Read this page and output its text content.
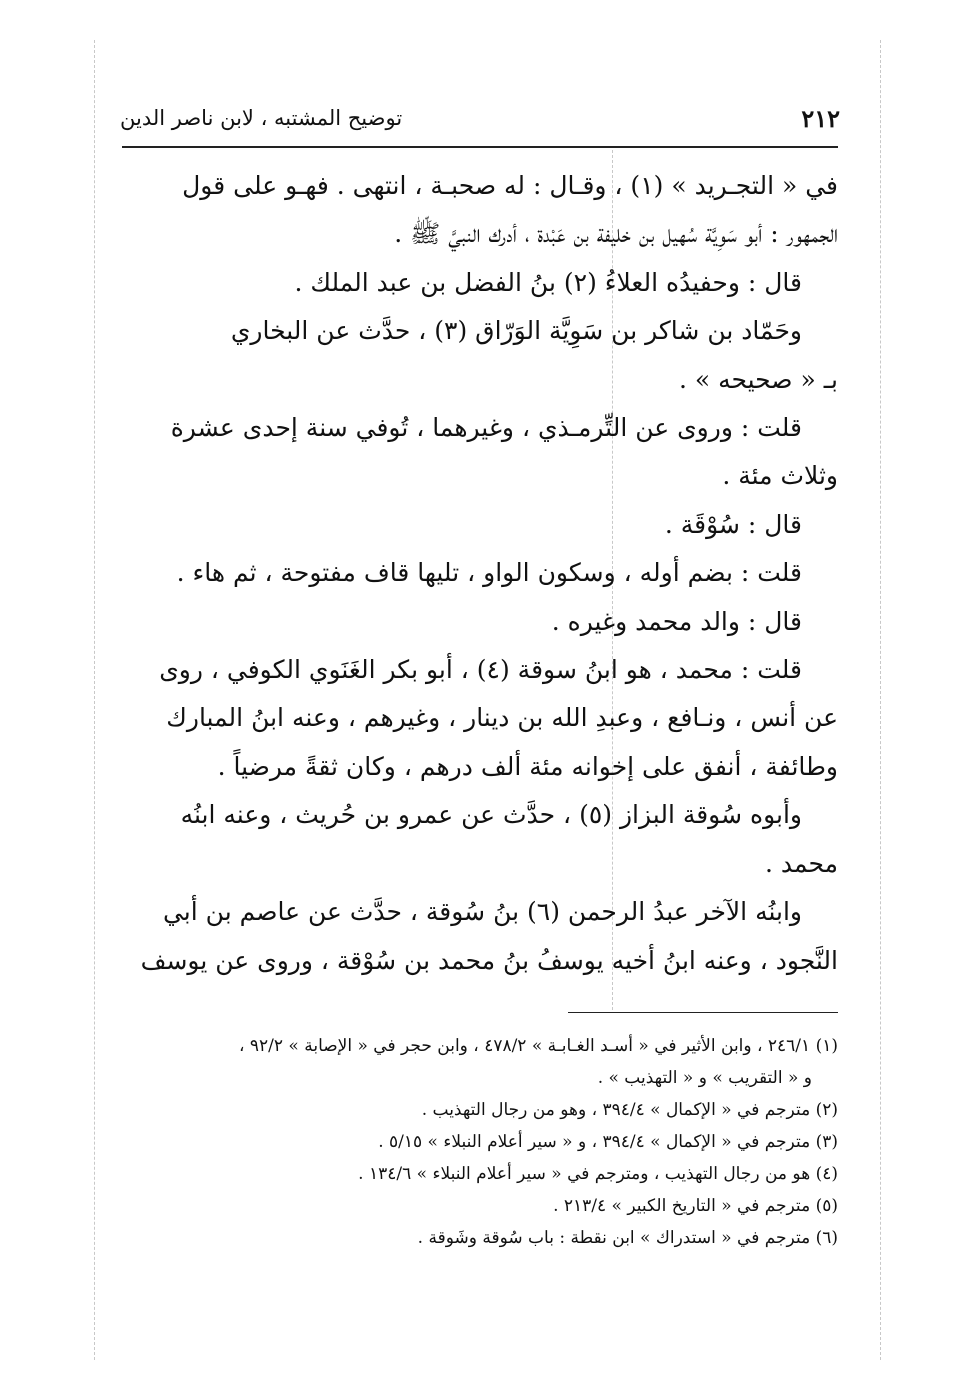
٢١٢
توضيح المشتبه ، لابن ناصر الدين

في « التجـريد » (١) ، وقـال : له صحبـة ، انتهى . فهـو على قول

الجمهور : أبو سَوِيَّة سُهيل بن خليفة بن عَبْدة ، أدرك النبيَّ ﷺ .

قال : وحفيدُه العلاءُ (٢) بنُ الفضل بن عبد الملك .

وحَمّاد بن شاكر بن سَوِيَّة الوَرّاق (٣) ، حدَّث عن البخاري

بـ « صحيحه » .

قلت : وروى عن التِّرمـذي ، وغيرهما ، تُوفي سنة إحدى عشرة

وثلاث مئة .

قال : سُوْقَة .

قلت : بضم أوله ، وسكون الواو ، تليها قاف مفتوحة ، ثم هاء .

قال : والد محمد وغيره .

قلت : محمد ، هو ابنُ سوقة (٤) ، أبو بكر الغَنَوي الكوفي ، روى

عن أنس ، ونـافع ، وعبدِ الله بن دينار ، وغيرهم ، وعنه ابنُ المبارك

وطائفة ، أنفق على إخوانه مئة ألف درهم ، وكان ثقةً مرضياً .

وأبوه سُوقة البزاز (٥) ، حدَّث عن عمرو بن حُريث ، وعنه ابنُه

محمد .

وابنُه الآخر عبدُ الرحمن (٦) بنُ سُوقة ، حدَّث عن عاصم بن أبي

النَّجود ، وعنه ابنُ أخيه يوسفُ بنُ محمد بن سُوْقة ، وروى عن يوسف

(١) ٢٤٦/١ ، وابن الأثير في « أسـد الغـابـة » ٤٧٨/٢ ، وابن حجر في « الإصابة » ٩٢/٢ ،

و « التقريب » و « التهذيب » .

(٢) مترجم في « الإكمال » ٣٩٤/٤ ، وهو من رجال التهذيب .

(٣) مترجم في « الإكمال » ٣٩٤/٤ ، و « سير أعلام النبلاء » ٥/١٥ .

(٤) هو من رجال التهذيب ، ومترجم في « سير أعلام النبلاء » ١٣٤/٦ .

(٥) مترجم في « التاريخ الكبير » ٢١٣/٤ .

(٦) مترجم في « استدراك » ابن نقطة : باب سُوقة وشَوقة .
